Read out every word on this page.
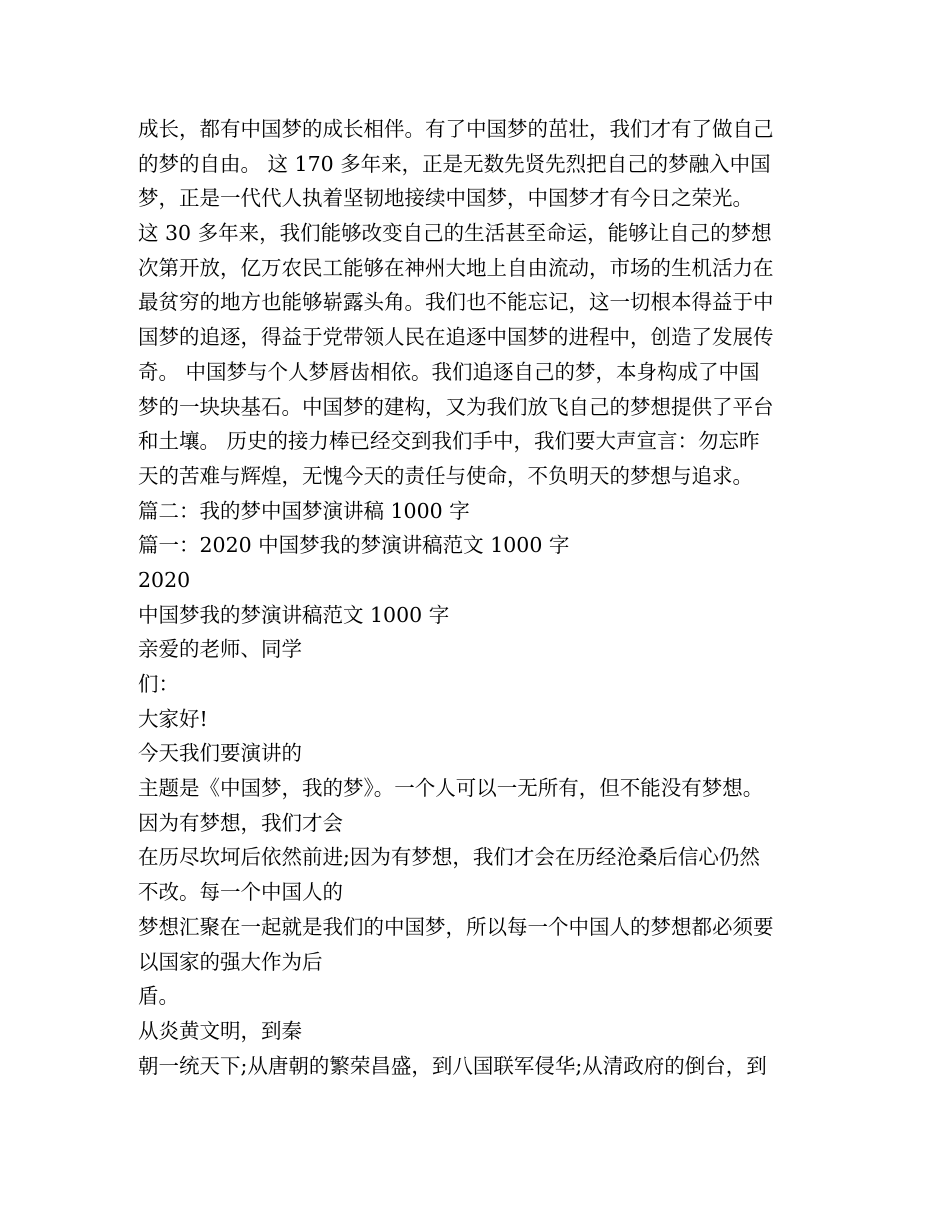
成长，都有中国梦的成长相伴。有了中国梦的茁壮，我们才有了做自己
的梦的自由。 这 170 多年来，正是无数先贤先烈把自己的梦融入中国
梦，正是一代代人执着坚韧地接续中国梦，中国梦才有今日之荣光。
这 30 多年来，我们能够改变自己的生活甚至命运，能够让自己的梦想
次第开放，亿万农民工能够在神州大地上自由流动，市场的生机活力在
最贫穷的地方也能够崭露头角。我们也不能忘记，这一切根本得益于中
国梦的追逐，得益于党带领人民在追逐中国梦的进程中，创造了发展传
奇。 中国梦与个人梦唇齿相依。我们追逐自己的梦，本身构成了中国
梦的一块块基石。中国梦的建构，又为我们放飞自己的梦想提供了平台
和土壤。 历史的接力棒已经交到我们手中，我们要大声宣言：勿忘昨
天的苦难与辉煌，无愧今天的责任与使命，不负明天的梦想与追求。
篇二：我的梦中国梦演讲稿 1000 字
篇一：2020 中国梦我的梦演讲稿范文 1000 字
2020
中国梦我的梦演讲稿范文 1000 字
亲爱的老师、同学
们：
大家好!
今天我们要演讲的
主题是《中国梦，我的梦》。一个人可以一无所有，但不能没有梦想。
因为有梦想，我们才会
在历尽坎坷后依然前进;因为有梦想，我们才会在历经沧桑后信心仍然
不改。每一个中国人的
梦想汇聚在一起就是我们的中国梦，所以每一个中国人的梦想都必须要
以国家的强大作为后
盾。
从炎黄文明，到秦
朝一统天下;从唐朝的繁荣昌盛，到八国联军侵华;从清政府的倒台，到
